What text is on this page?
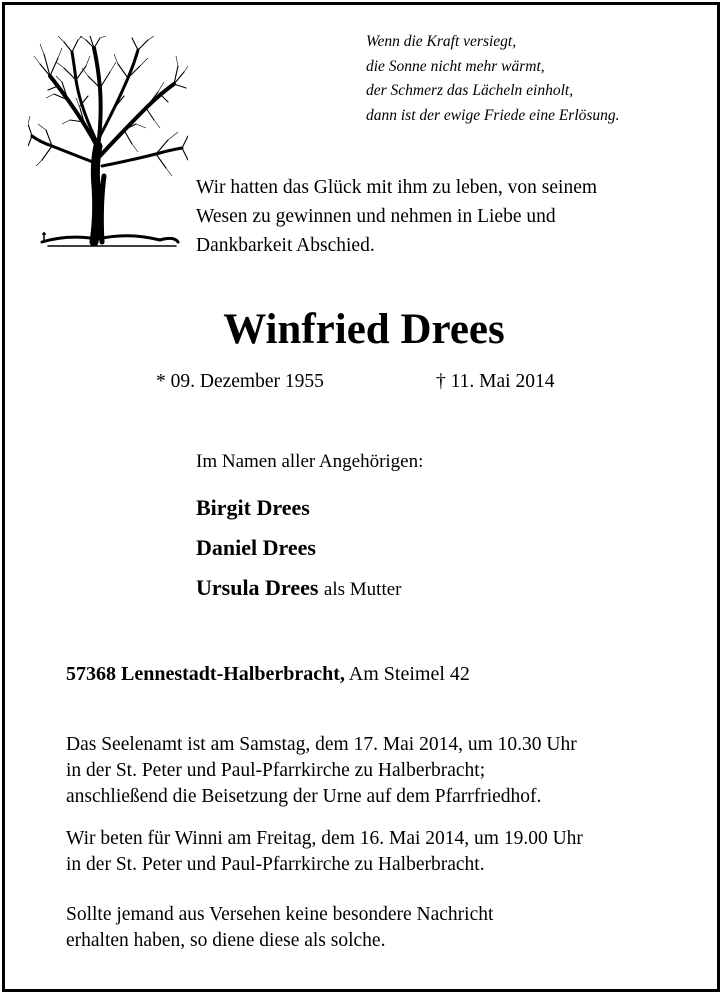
Wenn die Kraft versiegt,
die Sonne nicht mehr wärmt,
der Schmerz das Lächeln einholt,
dann ist der ewige Friede eine Erlösung.
Wir hatten das Glück mit ihm zu leben, von seinem
Wesen zu gewinnen und nehmen in Liebe und
Dankbarkeit Abschied.
Winfried Drees
* 09. Dezember 1955	† 11. Mai 2014
Im Namen aller Angehörigen:
Birgit Drees
Daniel Drees
Ursula Drees als Mutter
57368 Lennestadt-Halberbracht, Am Steimel 42
Das Seelenamt ist am Samstag, dem 17. Mai 2014, um 10.30 Uhr
in der St. Peter und Paul-Pfarrkirche zu Halberbracht;
anschließend die Beisetzung der Urne auf dem Pfarrfriedhof.
Wir beten für Winni am Freitag, dem 16. Mai 2014, um 19.00 Uhr
in der St. Peter und Paul-Pfarrkirche zu Halberbracht.
Sollte jemand aus Versehen keine besondere Nachricht
erhalten haben, so diene diese als solche.
